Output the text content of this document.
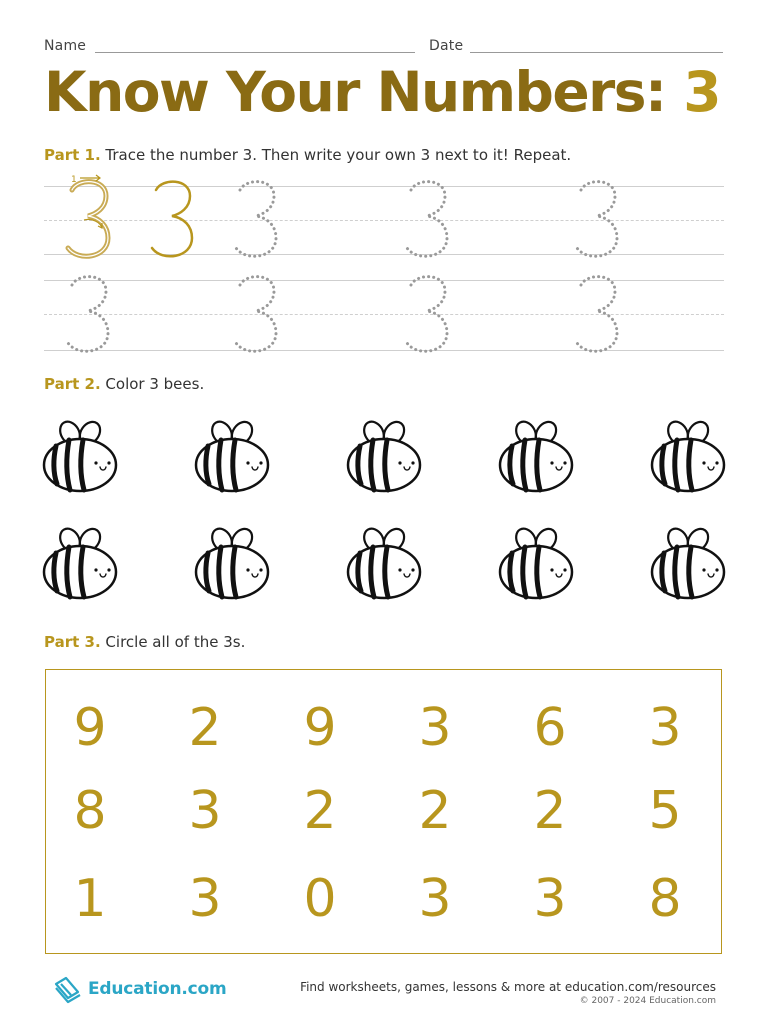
Name	Date
Know Your Numbers: 3
Part 1. Trace the number 3. Then write your own 3 next to it! Repeat.
1
Part 2. Color 3 bees.
Part 3. Circle all of the 3s.
9	2	9	3	6	3
8	3	2	2	2	5
1	3	0	3	3	8
Education.com	Find worksheets, games, lessons & more at education.com/resources
© 2007 - 2024 Education.com
